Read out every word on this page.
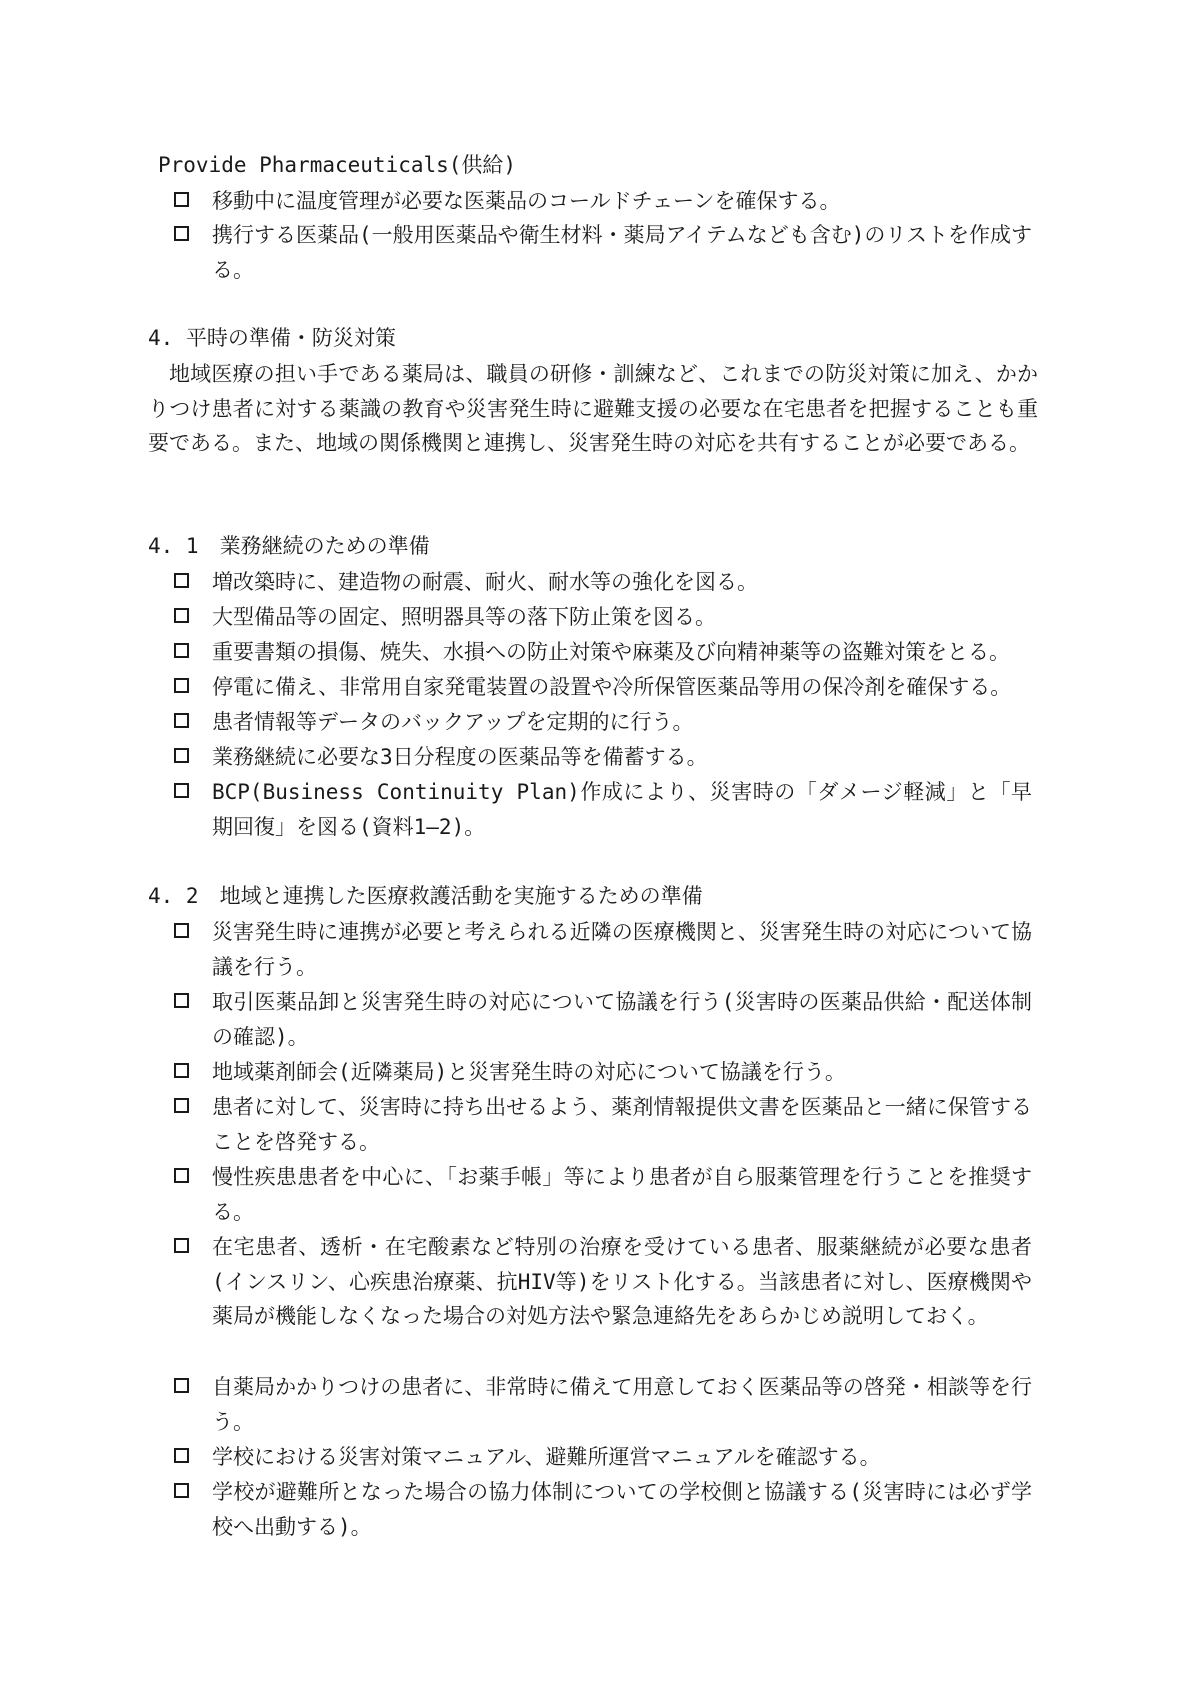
Provide Pharmaceuticals(供給)
移動中に温度管理が必要な医薬品のコールドチェーンを確保する。
携行する医薬品(一般用医薬品や衛生材料・薬局アイテムなども含む)のリストを作成する。
4. 平時の準備・防災対策
地域医療の担い手である薬局は、職員の研修・訓練など、これまでの防災対策に加え、かかりつけ患者に対する薬識の教育や災害発生時に避難支援の必要な在宅患者を把握することも重要である。また、地域の関係機関と連携し、災害発生時の対応を共有することが必要である。
4. 1　業務継続のための準備
増改築時に、建造物の耐震、耐火、耐水等の強化を図る。
大型備品等の固定、照明器具等の落下防止策を図る。
重要書類の損傷、焼失、水損への防止対策や麻薬及び向精神薬等の盗難対策をとる。
停電に備え、非常用自家発電装置の設置や冷所保管医薬品等用の保冷剤を確保する。
患者情報等データのバックアップを定期的に行う。
業務継続に必要な3日分程度の医薬品等を備蓄する。
BCP(Business Continuity Plan)作成により、災害時の「ダメージ軽減」と「早期回復」を図る(資料1―2)。
4. 2　地域と連携した医療救護活動を実施するための準備
災害発生時に連携が必要と考えられる近隣の医療機関と、災害発生時の対応について協議を行う。
取引医薬品卸と災害発生時の対応について協議を行う(災害時の医薬品供給・配送体制の確認)。
地域薬剤師会(近隣薬局)と災害発生時の対応について協議を行う。
患者に対して、災害時に持ち出せるよう、薬剤情報提供文書を医薬品と一緒に保管することを啓発する。
慢性疾患患者を中心に、「お薬手帳」等により患者が自ら服薬管理を行うことを推奨する。
在宅患者、透析・在宅酸素など特別の治療を受けている患者、服薬継続が必要な患者(インスリン、心疾患治療薬、抗HIV等)をリスト化する。当該患者に対し、医療機関や薬局が機能しなくなった場合の対処方法や緊急連絡先をあらかじめ説明しておく。
自薬局かかりつけの患者に、非常時に備えて用意しておく医薬品等の啓発・相談等を行う。
学校における災害対策マニュアル、避難所運営マニュアルを確認する。
学校が避難所となった場合の協力体制についての学校側と協議する(災害時には必ず学校へ出動する)。
